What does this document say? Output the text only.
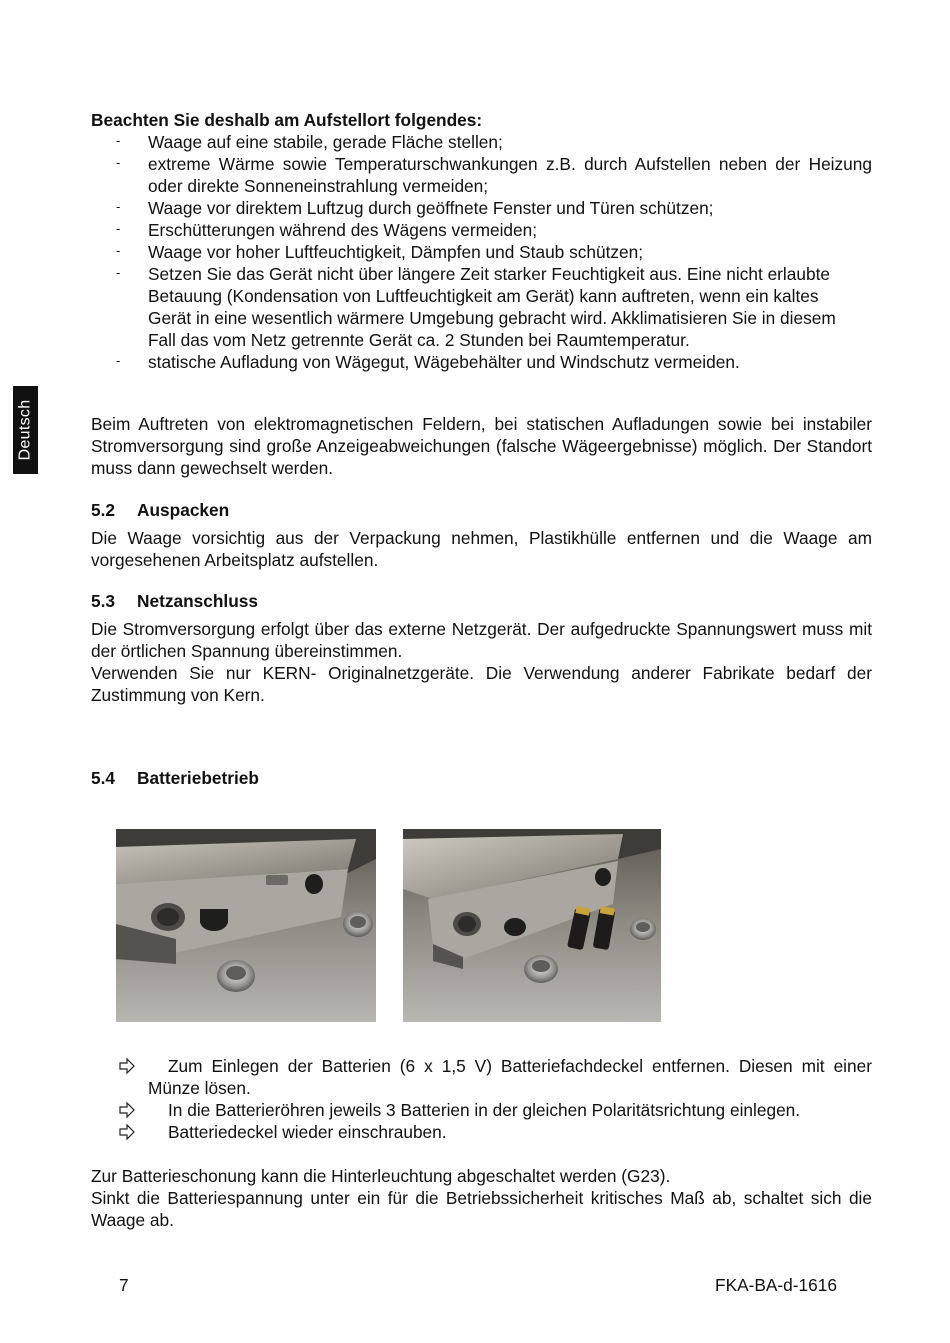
Deutsch
Beachten Sie deshalb am Aufstellort folgendes:
- Waage auf eine stabile, gerade Fläche stellen;
- extreme Wärme sowie Temperaturschwankungen z.B. durch Aufstellen neben der Heizung oder direkte Sonneneinstrahlung vermeiden;
- Waage vor direktem Luftzug durch geöffnete Fenster und Türen schützen;
- Erschütterungen während des Wägens vermeiden;
- Waage vor hoher Luftfeuchtigkeit, Dämpfen und Staub schützen;
- Setzen Sie das Gerät nicht über längere Zeit starker Feuchtigkeit aus. Eine nicht erlaubte Betauung (Kondensation von Luftfeuchtigkeit am Gerät) kann auftreten, wenn ein kaltes Gerät in eine wesentlich wärmere Umgebung gebracht wird. Akklimatisieren Sie in diesem Fall das vom Netz getrennte Gerät ca. 2 Stunden bei Raumtemperatur.
- statische Aufladung von Wägegut, Wägebehälter und Windschutz vermeiden.
Beim Auftreten von elektromagnetischen Feldern, bei statischen Aufladungen sowie bei instabiler Stromversorgung sind große Anzeigeabweichungen (falsche Wägeergebnisse) möglich. Der Standort muss dann gewechselt werden.
5.2	Auspacken

Die Waage vorsichtig aus der Verpackung nehmen, Plastikhülle entfernen und die Waage am vorgesehenen Arbeitsplatz aufstellen.

5.3	Netzanschluss

Die Stromversorgung erfolgt über das externe Netzgerät. Der aufgedruckte Spannungswert muss mit der örtlichen Spannung übereinstimmen.

Verwenden Sie nur KERN- Originalnetzgeräte. Die Verwendung anderer Fabrikate bedarf der Zustimmung von Kern.

5.4	Batteriebetrieb
Zum Einlegen der Batterien (6 x 1,5 V) Batteriefachdeckel entfernen. Diesen mit einer Münze lösen.
In die Batterieröhren jeweils 3 Batterien in der gleichen Polaritätsrichtung einlegen.
Batteriedeckel wieder einschrauben.

Zur Batterieschonung kann die Hinterleuchtung abgeschaltet werden (G23).

Sinkt die Batteriespannung unter ein für die Betriebssicherheit kritisches Maß ab, schaltet sich die Waage ab.

7	FKA-BA-d-1616
